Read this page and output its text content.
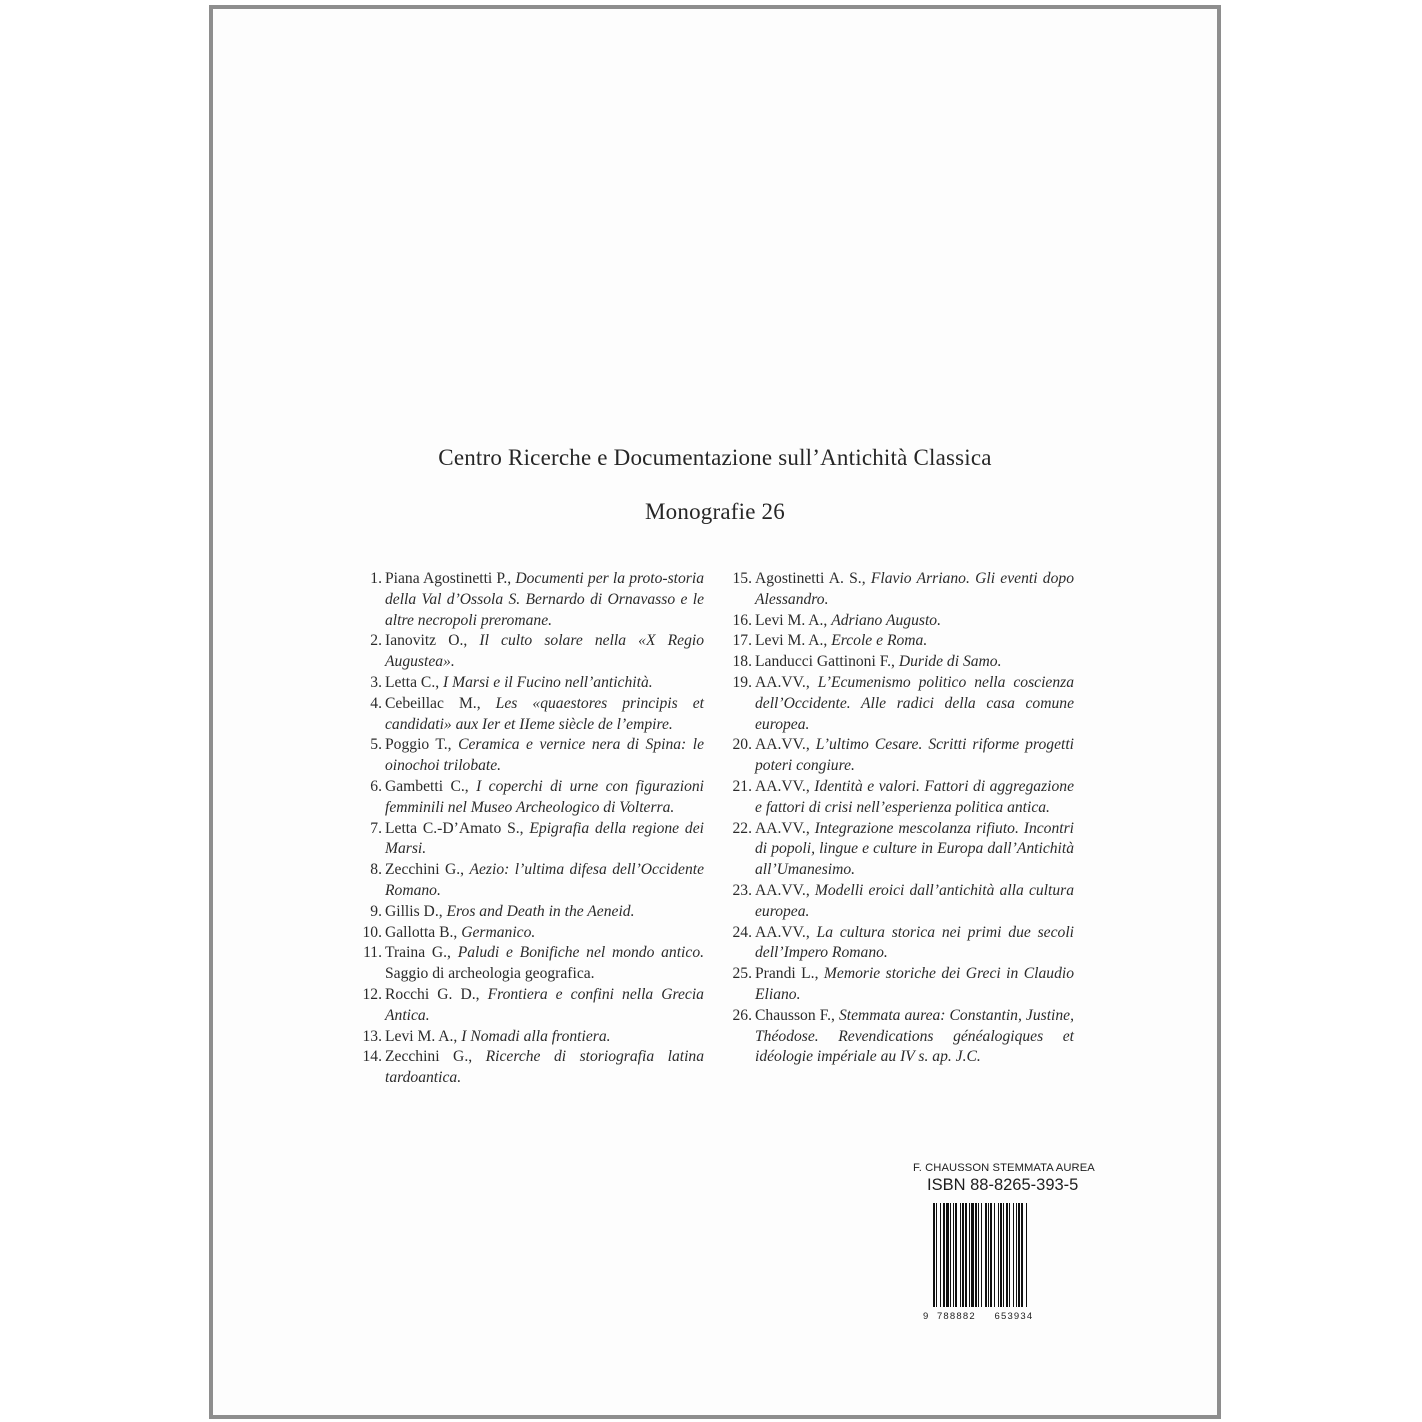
Centro Ricerche e Documentazione sull’Antichità Classica
Monografie 26
1. Piana Agostinetti P., Documenti per la proto-storia della Val d’Ossola S. Bernardo di Ornavasso e le altre necropoli preromane.
2. Ianovitz O., Il culto solare nella «X Regio Augustea».
3. Letta C., I Marsi e il Fucino nell’antichità.
4. Cebeillac M., Les «quaestores principis et candidati» aux Ier et IIeme siècle de l’empire.
5. Poggio T., Ceramica e vernice nera di Spina: le oinochoi trilobate.
6. Gambetti C., I coperchi di urne con figurazioni femminili nel Museo Archeologico di Volterra.
7. Letta C.-D’Amato S., Epigrafia della regione dei Marsi.
8. Zecchini G., Aezio: l’ultima difesa dell’Occidente Romano.
9. Gillis D., Eros and Death in the Aeneid.
10. Gallotta B., Germanico.
11. Traina G., Paludi e Bonifiche nel mondo antico. Saggio di archeologia geografica.
12. Rocchi G. D., Frontiera e confini nella Grecia Antica.
13. Levi M. A., I Nomadi alla frontiera.
14. Zecchini G., Ricerche di storiografia latina tardoantica.
15. Agostinetti A. S., Flavio Arriano. Gli eventi dopo Alessandro.
16. Levi M. A., Adriano Augusto.
17. Levi M. A., Ercole e Roma.
18. Landucci Gattinoni F., Duride di Samo.
19. AA.VV., L’Ecumenismo politico nella coscienza dell’Occidente. Alle radici della casa comune europea.
20. AA.VV., L’ultimo Cesare. Scritti riforme progetti poteri congiure.
21. AA.VV., Identità e valori. Fattori di aggregazione e fattori di crisi nell’esperienza politica antica.
22. AA.VV., Integrazione mescolanza rifiuto. Incontri di popoli, lingue e culture in Europa dall’Antichità all’Umanesimo.
23. AA.VV., Modelli eroici dall’antichità alla cultura europea.
24. AA.VV., La cultura storica nei primi due secoli dell’Impero Romano.
25. Prandi L., Memorie storiche dei Greci in Claudio Eliano.
26. Chausson F., Stemmata aurea: Constantin, Justine, Théodose. Revendications généalogiques et idéologie impériale au IV s. ap. J.C.
F. CHAUSSON STEMMATA AUREA
ISBN 88-8265-393-5
9 788882 653934
